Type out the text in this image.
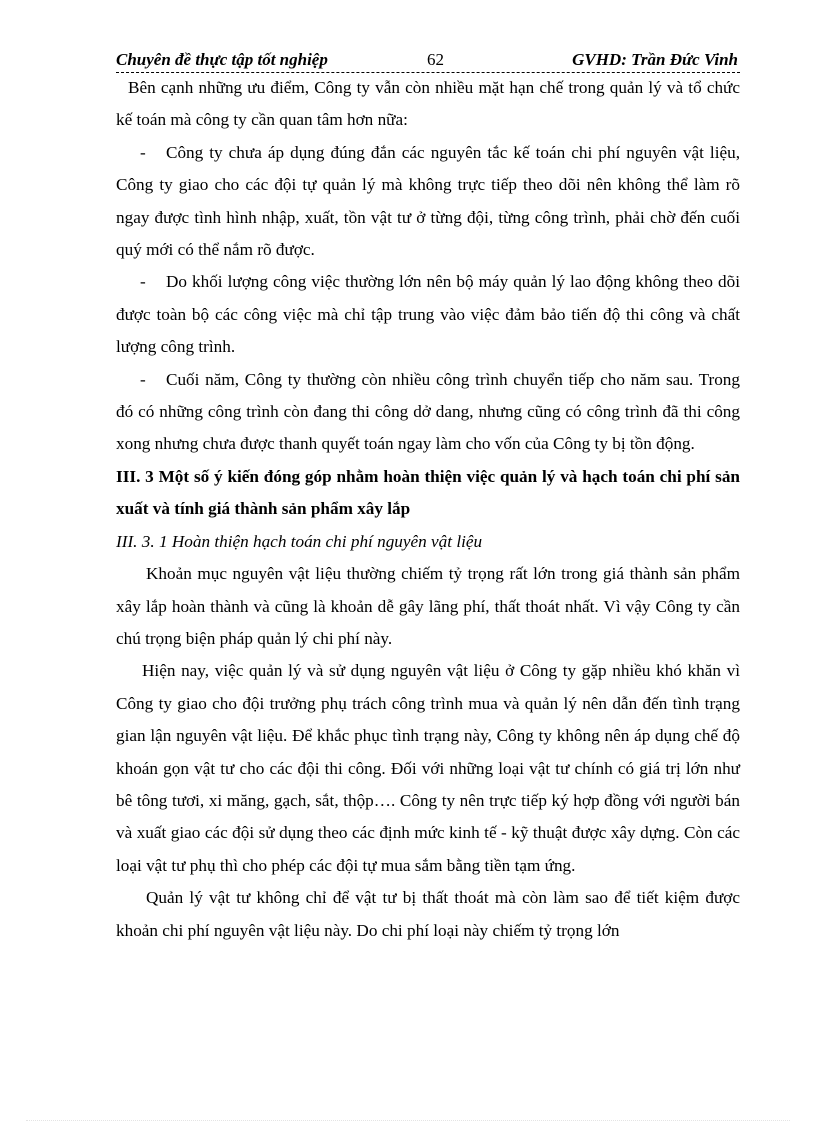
Chuyên đề thực tập tốt nghiệp	62	GVHD: Trần Đức Vinh

Bên cạnh những ưu điểm, Công ty vẫn còn nhiều mặt hạn chế trong quản lý và tổ chức kế toán mà công ty cần quan tâm hơn nữa:

- Công ty chưa áp dụng đúng đắn các nguyên tắc kế toán chi phí nguyên vật liệu, Công ty giao cho các đội tự quản lý mà không trực tiếp theo dõi nên không thể làm rõ ngay được tình hình nhập, xuất, tồn vật tư ở từng đội, từng công trình, phải chờ đến cuối quý mới có thể nắm rõ được.

- Do khối lượng công việc thường lớn nên bộ máy quản lý lao động không theo dõi được toàn bộ các công việc mà chỉ tập trung vào việc đảm bảo tiến độ thi công và chất lượng công trình.

- Cuối năm, Công ty thường còn nhiều công trình chuyển tiếp cho năm sau. Trong đó có những công trình còn đang thi công dở dang, nhưng cũng có công trình đã thi công xong nhưng chưa được thanh quyết toán ngay làm cho vốn của Công ty bị tồn động.

III. 3 Một số ý kiến đóng góp nhằm hoàn thiện việc quản lý và hạch toán chi phí sản xuất và tính giá thành sản phẩm xây lắp

III. 3. 1 Hoàn thiện hạch toán chi phí nguyên vật liệu

Khoản mục nguyên vật liệu thường chiếm tỷ trọng rất lớn trong giá thành sản phẩm xây lắp hoàn thành và cũng là khoản dễ gây lãng phí, thất thoát nhất. Vì vậy Công ty cần chú trọng biện pháp quản lý chi phí này.

Hiện nay, việc quản lý và sử dụng nguyên vật liệu ở Công ty gặp nhiều khó khăn vì Công ty giao cho đội trưởng phụ trách công trình mua và quản lý nên dẫn đến tình trạng gian lận nguyên vật liệu. Để khắc phục tình trạng này, Công ty không nên áp dụng chế độ khoán gọn vật tư cho các đội thi công. Đối với những loại vật tư chính có giá trị lớn như bê tông tươi, xi măng, gạch, sắt, thộp…. Công ty nên trực tiếp ký hợp đồng với người bán và xuất giao các đội sử dụng theo các định mức kinh tế - kỹ thuật được xây dựng. Còn các loại vật tư phụ thì cho phép các đội tự mua sắm bằng tiền tạm ứng.

Quản lý vật tư không chỉ để vật tư bị thất thoát mà còn làm sao để tiết kiệm được khoản chi phí nguyên vật liệu này. Do chi phí loại này chiếm tỷ trọng lớn
